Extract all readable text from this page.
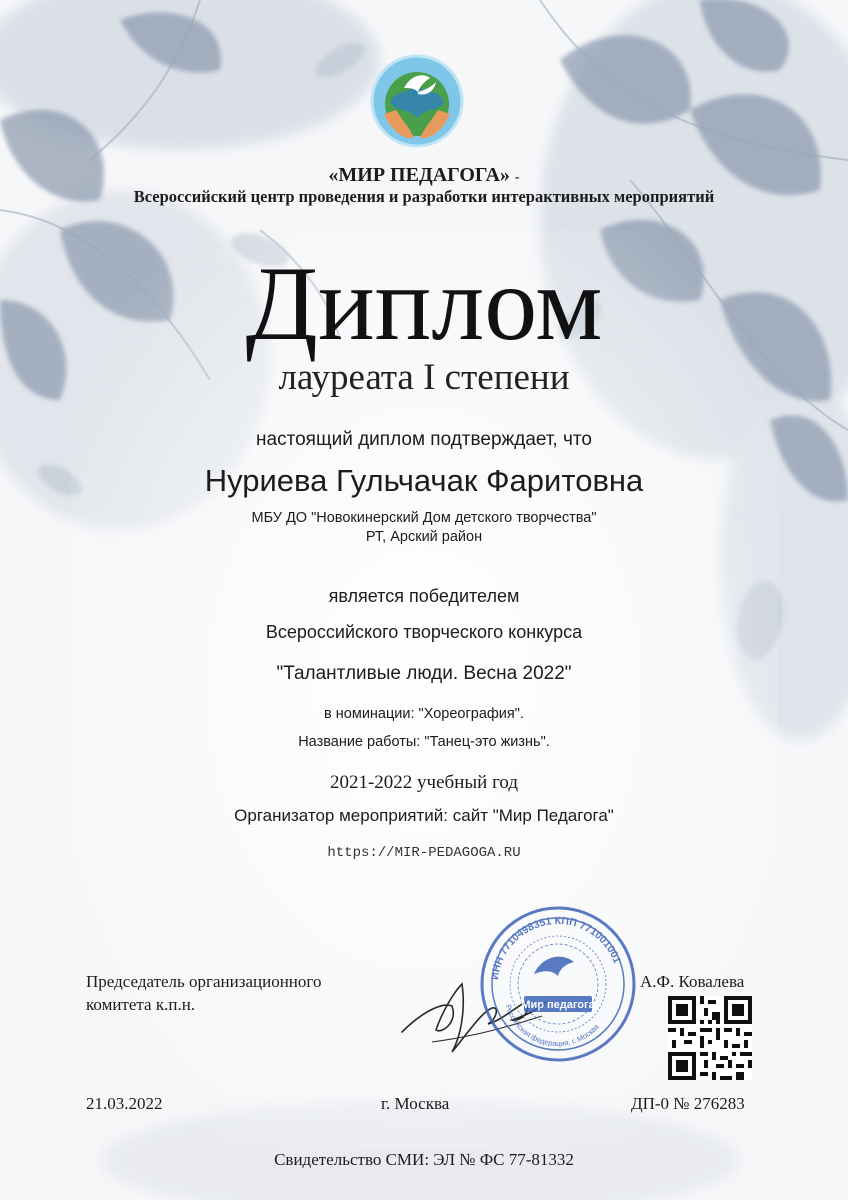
«МИР ПЕДАГОГА» -
Всероссийский центр проведения и разработки интерактивных мероприятий
Диплом
лауреата I степени
настоящий диплом подтверждает, что
Нуриева Гульчачак Фаритовна
МБУ ДО "Новокинерский Дом детского творчества"
РТ, Арский район
является победителем
Всероссийского творческого конкурса
"Талантливые люди. Весна 2022"
в номинации: "Хореография".
Название работы: "Танец-это жизнь".
2021-2022 учебный год
Организатор мероприятий: сайт "Мир Педагога"
https://MIR-PEDAGOGA.RU
Председатель организационного
комитета к.п.н.
А.Ф. Ковалева
ИНН 7710498351 КПП 771001001
Мир педагога
Российская федерация, г. Москва
21.03.2022	г. Москва	ДП-0 № 276283
Свидетельство СМИ: ЭЛ № ФС 77-81332
